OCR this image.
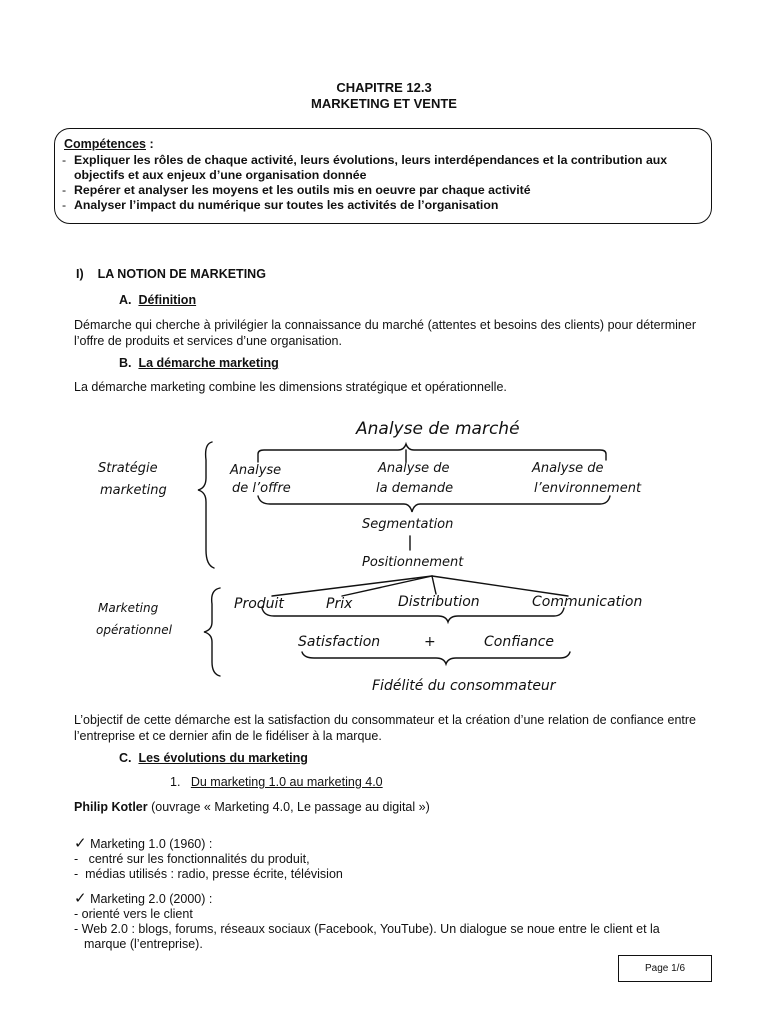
CHAPITRE 12.3
MARKETING ET VENTE
Compétences :
- Expliquer les rôles de chaque activité, leurs évolutions, leurs interdépendances et la contribution aux
objectifs et aux enjeux d’une organisation donnée
- Repérer et analyser les moyens et les outils mis en oeuvre par chaque activité
- Analyser l’impact du numérique sur toutes les activités de l’organisation
I) LA NOTION DE MARKETING
A. Définition
Démarche qui cherche à privilégier la connaissance du marché (attentes et besoins des clients) pour déterminer l’offre de produits et services d’une organisation.
B. La démarche marketing
La démarche marketing combine les dimensions stratégique et opérationnelle.
Analyse de marché
Stratégie
marketing
Analyse
de l’offre
Analyse de
la demande
Analyse de
l’environnement
Segmentation
Positionnement
Marketing
opérationnel
Produit	Prix	Distribution	Communication
Satisfaction	+	Confiance
Fidélité du consommateur
L’objectif de cette démarche est la satisfaction du consommateur et la création d’une relation de confiance entre l’entreprise et ce dernier afin de le fidéliser à la marque.
C. Les évolutions du marketing
1. Du marketing 1.0 au marketing 4.0
Philip Kotler (ouvrage « Marketing 4.0, Le passage au digital »)
✓ Marketing 1.0 (1960) :
-   centré sur les fonctionnalités du produit,
-  médias utilisés : radio, presse écrite, télévision
✓ Marketing 2.0 (2000) :
- orienté vers le client
- Web 2.0 : blogs, forums, réseaux sociaux (Facebook, YouTube). Un dialogue se noue entre le client et la
marque (l’entreprise).
Page 1/6
